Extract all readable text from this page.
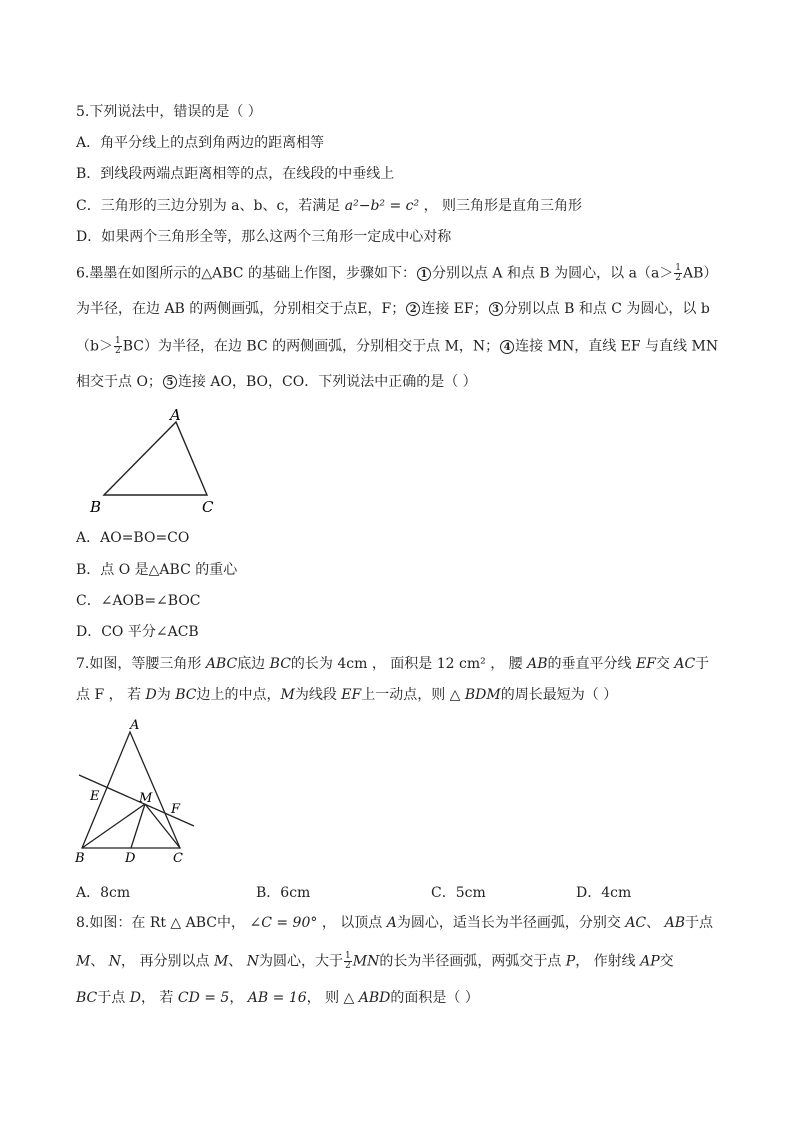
5.下列说法中，错误的是（ ）
A．角平分线上的点到角两边的距离相等
B．到线段两端点距离相等的点，在线段的中垂线上
C．三角形的三边分别为 a、b、c，若满足 a²−b² = c² ， 则三角形是直角三角形
D．如果两个三角形全等，那么这两个三角形一定成中心对称
6.墨墨在如图所示的△ABC 的基础上作图，步骤如下： 1 分别以点 A 和点 B 为圆心，以 $a(a> \frac{1}{2} AB)$
为半径，在边 AB 的两侧画弧，分别相交于点E，F； 2 连接 EF； 3 分别以点 B 和点 C 为圆心，以 b
$(b> \frac{1}{2} BC)$为半径，在边 BC 的两侧画弧，分别相交于点 M，N； 4 连接 MN，直线 EF 与直线 MN
相交于点 O； 5 连接 AO，BO，CO．下列说法中正确的是（ ）
A
B	C
A．AO=BO=CO
B．点 O 是△ABC 的重心
C．∠AOB=∠BOC
D．CO 平分∠ACB
7.如图，等腰三角形 ABC底边 BC的长为 4cm ， 面积是 12 cm² ， 腰 AB的垂直平分线 EF交 AC于
点 F ， 若 D为 BC边上的中点，M为线段 EF上一动点，则 △ BDM的周长最短为（ ）
A
E	M
F
B	D	C
A．8cm	B．6cm	C．5cm	D．4cm
8.如图：在 Rt △ ABC中， ∠C = 90° ， 以顶点 A为圆心，适当长为半径画弧，分别交 AC、 AB于点
M、 N， 再分别以点 M、 N为圆心，大于 $\frac{1}{2}$ MN的长为半径画弧，两弧交于点 P， 作射线 AP交
BC于点 D， 若 CD = 5， AB = 16， 则 △ ABD的面积是（ ）
